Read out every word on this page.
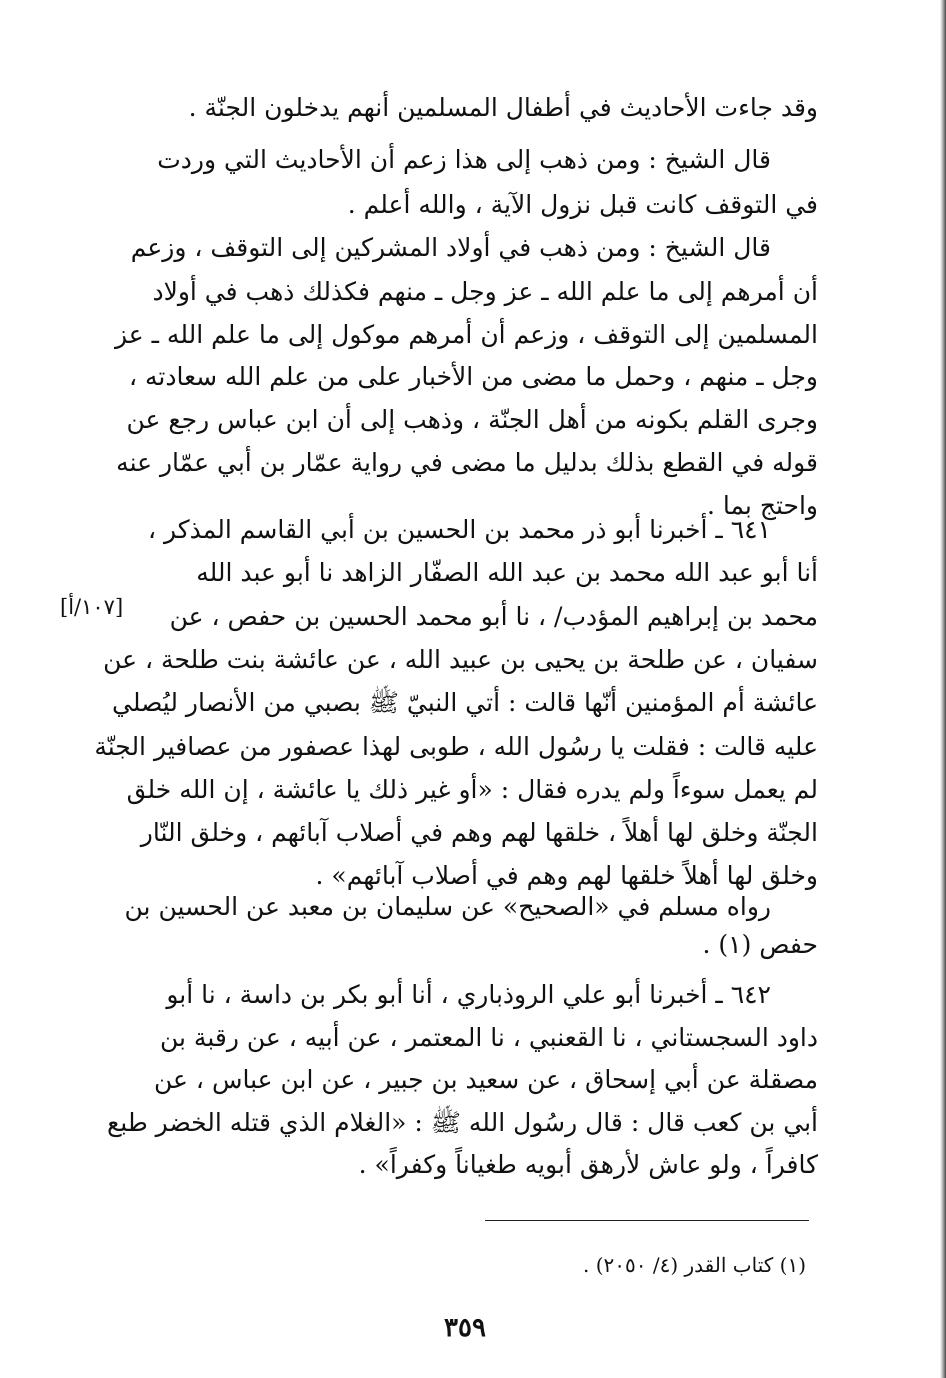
وقد جاءت الأحاديث في أطفال المسلمين أنهم يدخلون الجنّة .
قال الشيخ : ومن ذهب إلى هذا زعم أن الأحاديث التي وردت
في التوقف كانت قبل نزول الآية ، والله أعلم .
قال الشيخ : ومن ذهب في أولاد المشركين إلى التوقف ، وزعم
أن أمرهم إلى ما علم الله ـ عز وجل ـ منهم فكذلك ذهب في أولاد
المسلمين إلى التوقف ، وزعم أن أمرهم موكول إلى ما علم الله ـ عز
وجل ـ منهم ، وحمل ما مضى من الأخبار على من علم الله سعادته ،
وجرى القلم بكونه من أهل الجنّة ، وذهب إلى أن ابن عباس رجع عن
قوله في القطع بذلك بدليل ما مضى في رواية عمّار بن أبي عمّار عنه
واحتج بما .
٦٤١ ـ أخبرنا أبو ذر محمد بن الحسين بن أبي القاسم المذكر ،
أنا أبو عبد الله محمد بن عبد الله الصفّار الزاهد نا أبو عبد الله
محمد بن إبراهيم المؤدب/ ، نا أبو محمد الحسين بن حفص ، عن
سفيان ، عن طلحة بن يحيى بن عبيد الله ، عن عائشة بنت طلحة ، عن
عائشة أم المؤمنين أنّها قالت : أتي النبيّ ﷺ بصبي من الأنصار ليُصلي
عليه قالت : فقلت يا رسُول الله ، طوبى لهذا عصفور من عصافير الجنّة
لم يعمل سوءاً ولم يدره فقال : «أو غير ذلك يا عائشة ، إن الله خلق
الجنّة وخلق لها أهلاً ، خلقها لهم وهم في أصلاب آبائهم ، وخلق النّار
وخلق لها أهلاً خلقها لهم وهم في أصلاب آبائهم» .
رواه مسلم في «الصحيح» عن سليمان بن معبد عن الحسين بن
حفص (١) .
٦٤٢ ـ أخبرنا أبو علي الروذباري ، أنا أبو بكر بن داسة ، نا أبو
داود السجستاني ، نا القعنبي ، نا المعتمر ، عن أبيه ، عن رقبة بن
مصقلة عن أبي إسحاق ، عن سعيد بن جبير ، عن ابن عباس ، عن
أبي بن كعب قال : قال رسُول الله ﷺ : «الغلام الذي قتله الخضر طبع
كافراً ، ولو عاش لأرهق أبويه طغياناً وكفراً» .
[١٠٧/أ]
(١) كتاب القدر (٤/ ٢٠٥٠) .
٣٥٩
